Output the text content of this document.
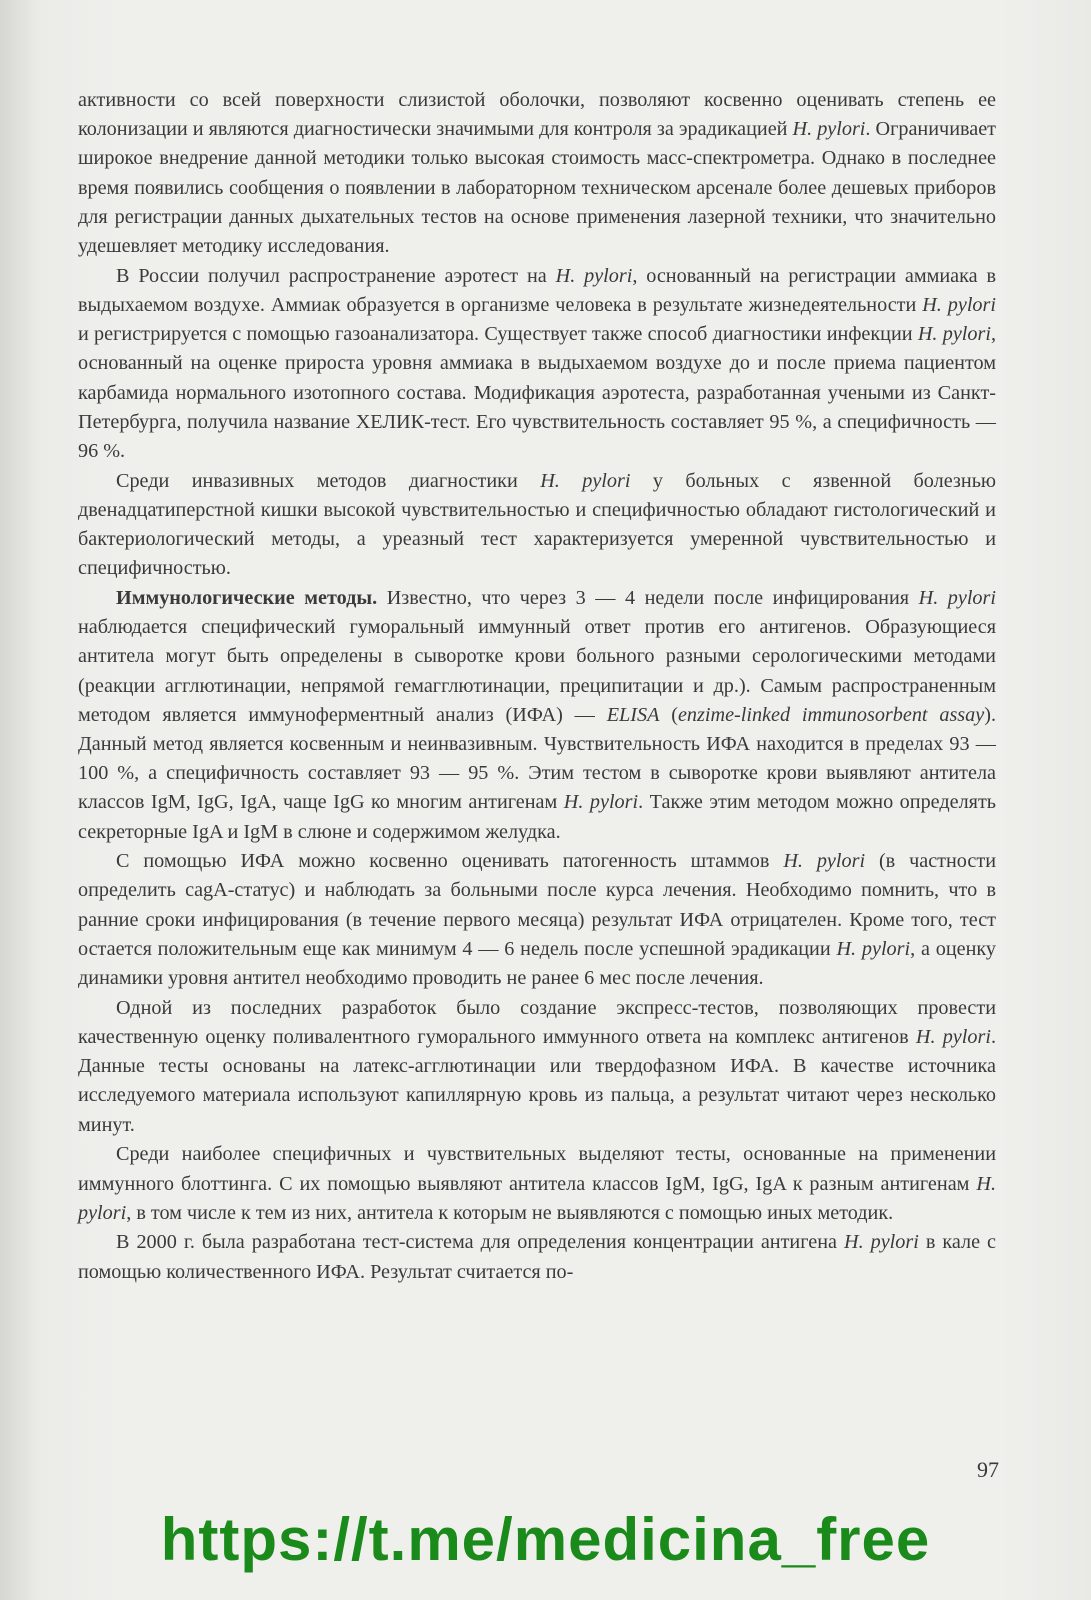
активности со всей поверхности слизистой оболочки, позволяют косвенно оценивать степень ее колонизации и являются диагностически значимыми для контроля за эрадикацией H. pylori. Ограничивает широкое внедрение данной методики только высокая стоимость масс-спектрометра. Однако в последнее время появились сообщения о появлении в лабораторном техническом арсенале более дешевых приборов для регистрации данных дыхательных тестов на основе применения лазерной техники, что значительно удешевляет методику исследования.

В России получил распространение аэротест на H. pylori, основанный на регистрации аммиака в выдыхаемом воздухе. Аммиак образуется в организме человека в результате жизнедеятельности H. pylori и регистрируется с помощью газоанализатора. Существует также способ диагностики инфекции H. pylori, основанный на оценке прироста уровня аммиака в выдыхаемом воздухе до и после приема пациентом карбамида нормального изотопного состава. Модификация аэротеста, разработанная учеными из Санкт-Петербурга, получила название ХЕЛИК-тест. Его чувствительность составляет 95 %, а специфичность — 96 %.

Среди инвазивных методов диагностики H. pylori у больных с язвенной болезнью двенадцатиперстной кишки высокой чувствительностью и специфичностью обладают гистологический и бактериологический методы, а уреазный тест характеризуется умеренной чувствительностью и специфичностью.

Иммунологические методы. Известно, что через 3 — 4 недели после инфицирования H. pylori наблюдается специфический гуморальный иммунный ответ против его антигенов. Образующиеся антитела могут быть определены в сыворотке крови больного разными серологическими методами (реакции агглютинации, непрямой гемагглютинации, преципитации и др.). Самым распространенным методом является иммуноферментный анализ (ИФА) — ELISA (enzime-linked immunosorbent assay). Данный метод является косвенным и неинвазивным. Чувствительность ИФА находится в пределах 93 — 100 %, а специфичность составляет 93 — 95 %. Этим тестом в сыворотке крови выявляют антитела классов IgM, IgG, IgA, чаще IgG ко многим антигенам H. pylori. Также этим методом можно определять секреторные IgA и IgM в слюне и содержимом желудка.

С помощью ИФА можно косвенно оценивать патогенность штаммов H. pylori (в частности определить cagA-статус) и наблюдать за больными после курса лечения. Необходимо помнить, что в ранние сроки инфицирования (в течение первого месяца) результат ИФА отрицателен. Кроме того, тест остается положительным еще как минимум 4 — 6 недель после успешной эрадикации H. pylori, а оценку динамики уровня антител необходимо проводить не ранее 6 мес после лечения.

Одной из последних разработок было создание экспресс-тестов, позволяющих провести качественную оценку поливалентного гуморального иммунного ответа на комплекс антигенов H. pylori. Данные тесты основаны на латекс-агглютинации или твердофазном ИФА. В качестве источника исследуемого материала используют капиллярную кровь из пальца, а результат читают через несколько минут.

Среди наиболее специфичных и чувствительных выделяют тесты, основанные на применении иммунного блоттинга. С их помощью выявляют антитела классов IgM, IgG, IgA к разным антигенам H. pylori, в том числе к тем из них, антитела к которым не выявляются с помощью иных методик.

В 2000 г. была разработана тест-система для определения концентрации антигена H. pylori в кале с помощью количественного ИФА. Результат считается по-

97
https://t.me/medicina_free
